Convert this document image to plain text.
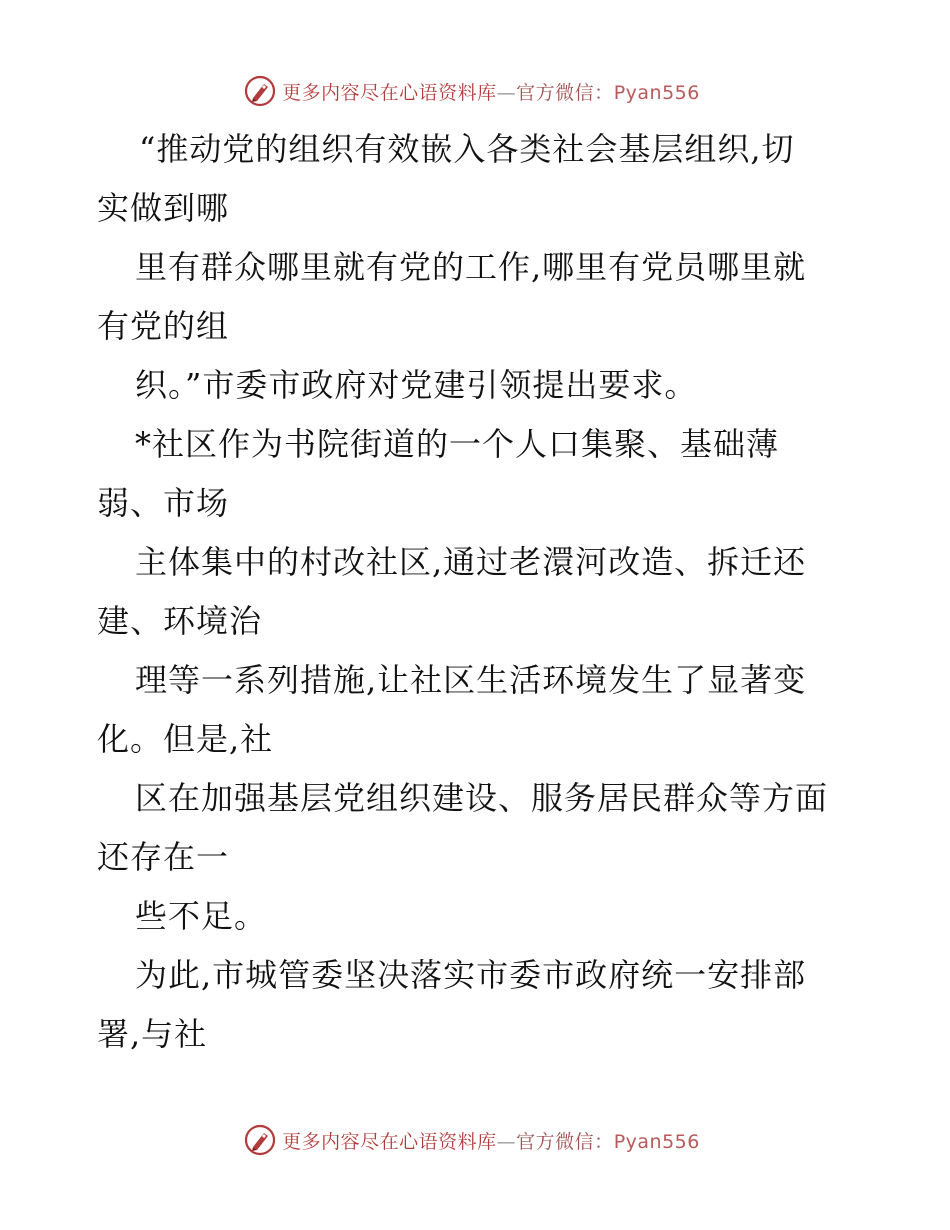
更多内容尽在心语资料库—官方微信：Pyan556
“推动党的组织有效嵌入各类社会基层组织,切
实做到哪
里有群众哪里就有党的工作,哪里有党员哪里就
有党的组
织。”市委市政府对党建引领提出要求。
*社区作为书院街道的一个人口集聚、基础薄
弱、市场
主体集中的村改社区,通过老澴河改造、拆迁还
建、环境治
理等一系列措施,让社区生活环境发生了显著变
化。但是,社
区在加强基层党组织建设、服务居民群众等方面
还存在一
些不足。
为此,市城管委坚决落实市委市政府统一安排部
署,与社
更多内容尽在心语资料库—官方微信：Pyan556
